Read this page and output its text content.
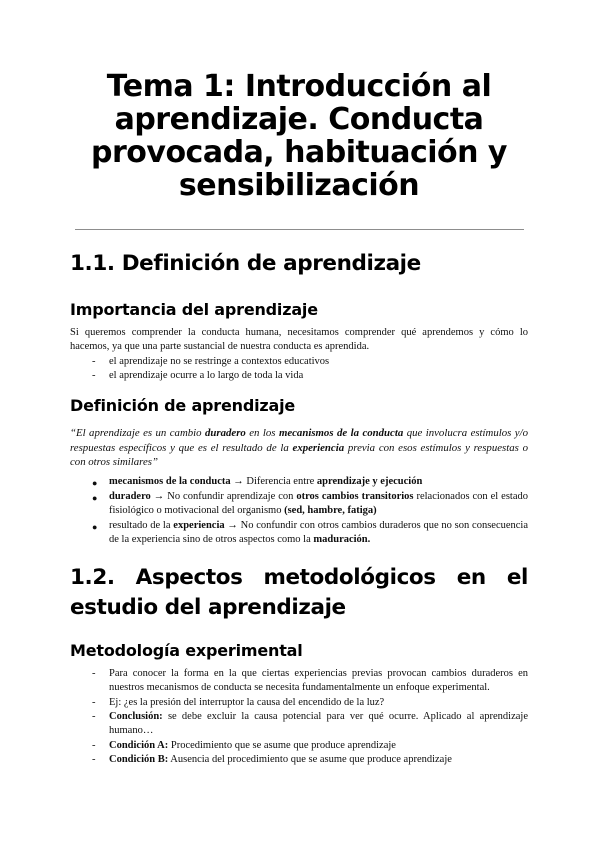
Tema 1: Introducción al
aprendizaje. Conducta
provocada, habituación y
sensibilización
1.1. Definición de aprendizaje
Importancia del aprendizaje

Si queremos comprender la conducta humana, necesitamos comprender qué aprendemos y cómo lo hacemos, ya que una parte sustancial de nuestra conducta es aprendida.

-	el aprendizaje no se restringe a contextos educativos
-	el aprendizaje ocurre a lo largo de toda la vida
Definición de aprendizaje

“El aprendizaje es un cambio duradero en los mecanismos de la conducta que involucra estímulos y/o respuestas específicos y que es el resultado de la experiencia previa con esos estímulos y respuestas o con otros similares”

●	mecanismos de la conducta → Diferencia entre aprendizaje y ejecución
●	duradero → No confundir aprendizaje con otros cambios transitorios relacionados con el estado fisiológico o motivacional del organismo (sed, hambre, fatiga)
●	resultado de la experiencia → No confundir con otros cambios duraderos que no son consecuencia de la experiencia sino de otros aspectos como la maduración.
1.2. Aspectos metodológicos en el
estudio del aprendizaje
Metodología experimental
-	Para conocer la forma en la que ciertas experiencias previas provocan cambios duraderos en nuestros mecanismos de conducta se necesita fundamentalmente un enfoque experimental.
-	Ej: ¿es la presión del interruptor la causa del encendido de la luz?
-	Conclusión: se debe excluir la causa potencial para ver qué ocurre. Aplicado al aprendizaje humano…
-	Condición A: Procedimiento que se asume que produce aprendizaje
-	Condición B: Ausencia del procedimiento que se asume que produce aprendizaje
